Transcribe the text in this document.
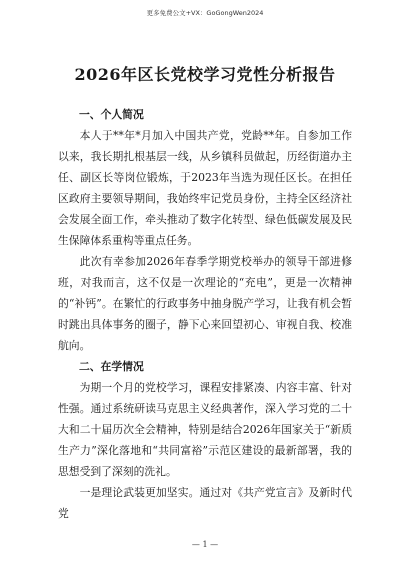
更多免费公文+VX：GoGongWen2024
2026年区长党校学习党性分析报告
一、个人简况

本人于**年*月加入中国共产党，党龄**年。自参加工作以来，我长期扎根基层一线，从乡镇科员做起，历经街道办主任、副区长等岗位锻炼，于2023年当选为现任区长。在担任区政府主要领导期间，我始终牢记党员身份，主持全区经济社会发展全面工作，牵头推动了数字化转型、绿色低碳发展及民生保障体系重构等重点任务。

此次有幸参加2026年春季学期党校举办的领导干部进修班，对我而言，这不仅是一次理论的“充电”，更是一次精神的“补钙”。在繁忙的行政事务中抽身脱产学习，让我有机会暂时跳出具体事务的圈子，静下心来回望初心、审视自我、校准航向。

二、在学情况

为期一个月的党校学习，课程安排紧凑、内容丰富、针对性强。通过系统研读马克思主义经典著作，深入学习党的二十大和二十届历次全会精神，特别是结合2026年国家关于“新质生产力”深化落地和“共同富裕”示范区建设的最新部署，我的思想受到了深刻的洗礼。

一是理论武装更加坚实。通过对《共产党宣言》及新时代党

— 1 —
